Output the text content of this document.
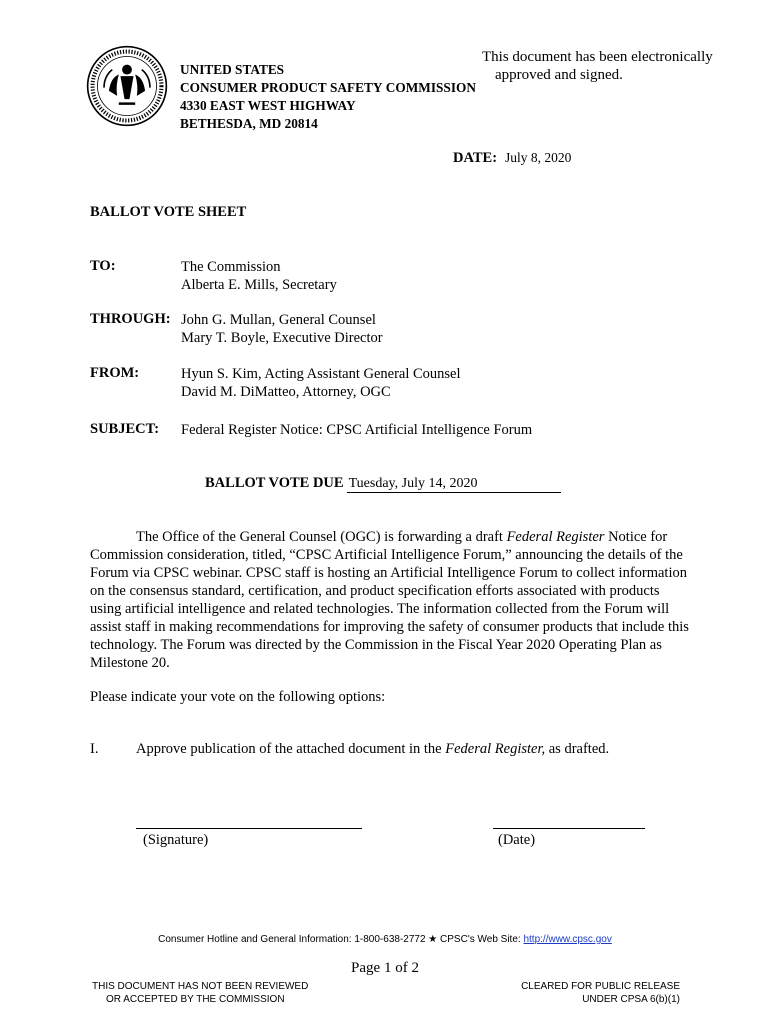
UNITED STATES
CONSUMER PRODUCT SAFETY COMMISSION
4330 EAST WEST HIGHWAY
BETHESDA, MD 20814
This document has been electronically
approved and signed.
DATE: July 8, 2020
BALLOT VOTE SHEET
TO:	The Commission
Alberta E. Mills, Secretary
THROUGH: John G. Mullan, General Counsel
Mary T. Boyle, Executive Director
FROM:	Hyun S. Kim, Acting Assistant General Counsel
David M. DiMatteo, Attorney, OGC
SUBJECT: Federal Register Notice: CPSC Artificial Intelligence Forum
BALLOT VOTE DUE Tuesday, July 14, 2020
The Office of the General Counsel (OGC) is forwarding a draft Federal Register Notice for Commission consideration, titled, “CPSC Artificial Intelligence Forum,” announcing the details of the Forum via CPSC webinar. CPSC staff is hosting an Artificial Intelligence Forum to collect information on the consensus standard, certification, and product specification efforts associated with products using artificial intelligence and related technologies. The information collected from the Forum will assist staff in making recommendations for improving the safety of consumer products that include this technology. The Forum was directed by the Commission in the Fiscal Year 2020 Operating Plan as Milestone 20.
Please indicate your vote on the following options:
I.	Approve publication of the attached document in the Federal Register, as drafted.
(Signature)	(Date)
Consumer Hotline and General Information: 1-800-638-2772 ★ CPSC's Web Site: http://www.cpsc.gov
Page 1 of 2
THIS DOCUMENT HAS NOT BEEN REVIEWED
OR ACCEPTED BY THE COMMISSION
CLEARED FOR PUBLIC RELEASE
UNDER CPSA 6(b)(1)
